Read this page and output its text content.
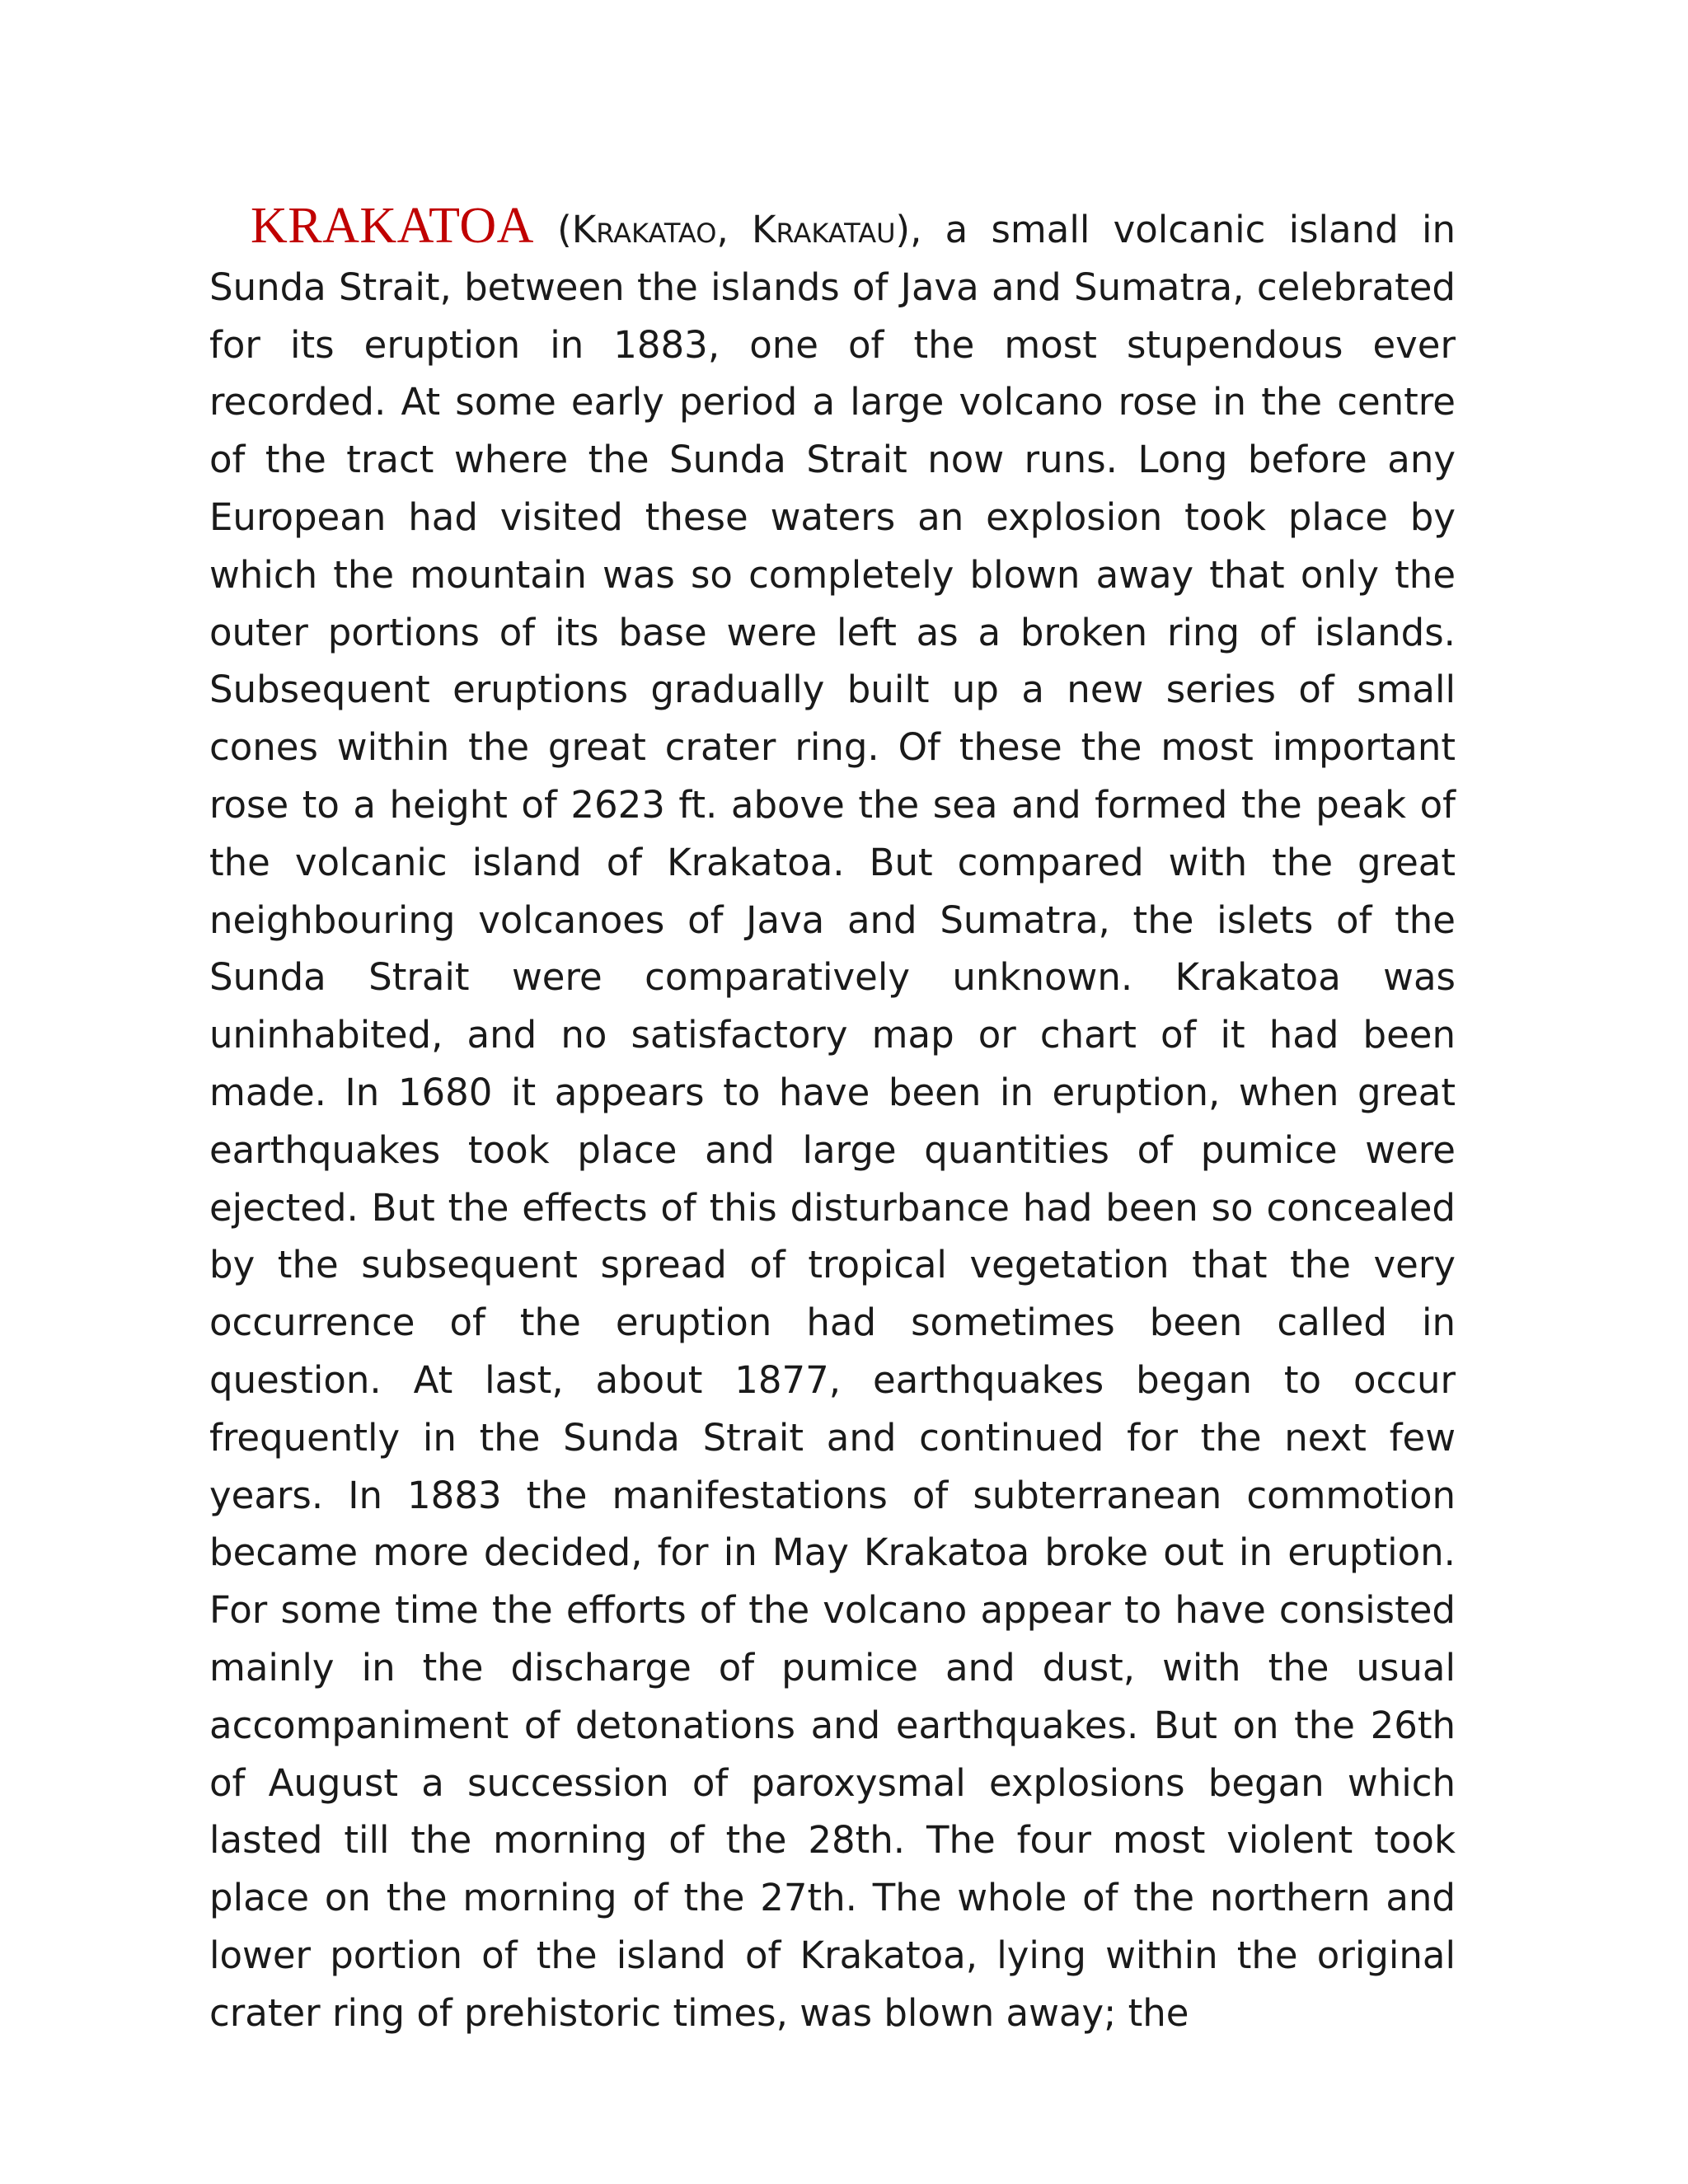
KRAKATOA (Krakatao, Krakatau), a small volcanic island in Sunda Strait, between the islands of Java and Sumatra, celebrated for its eruption in 1883, one of the most stupendous ever recorded. At some early period a large volcano rose in the centre of the tract where the Sunda Strait now runs. Long before any European had visited these waters an explosion took place by which the mountain was so completely blown away that only the outer portions of its base were left as a broken ring of islands. Subsequent eruptions gradually built up a new series of small cones within the great crater ring. Of these the most important rose to a height of 2623 ft. above the sea and formed the peak of the volcanic island of Krakatoa. But compared with the great neighbouring volcanoes of Java and Sumatra, the islets of the Sunda Strait were comparatively unknown. Krakatoa was uninhabited, and no satisfactory map or chart of it had been made. In 1680 it appears to have been in eruption, when great earthquakes took place and large quantities of pumice were ejected. But the effects of this disturbance had been so concealed by the subsequent spread of tropical vegetation that the very occurrence of the eruption had sometimes been called in question. At last, about 1877, earthquakes began to occur frequently in the Sunda Strait and continued for the next few years. In 1883 the manifestations of subterranean commotion became more decided, for in May Krakatoa broke out in eruption. For some time the efforts of the volcano appear to have consisted mainly in the discharge of pumice and dust, with the usual accompaniment of detonations and earthquakes. But on the 26th of August a succession of paroxysmal explosions began which lasted till the morning of the 28th. The four most violent took place on the morning of the 27th. The whole of the northern and lower portion of the island of Krakatoa, lying within the original crater ring of prehistoric times, was blown away; the
